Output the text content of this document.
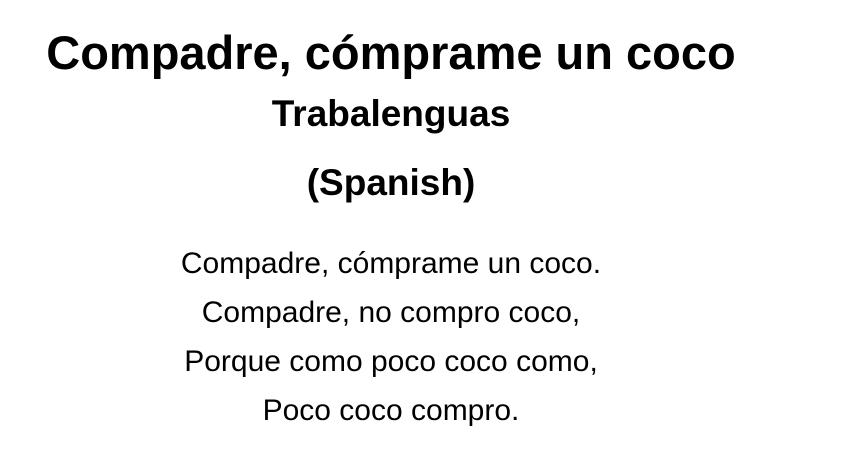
Compadre, cómprame un coco
Trabalenguas
(Spanish)
Compadre, cómprame un coco.
Compadre, no compro coco,
Porque como poco coco como,
Poco coco compro.
